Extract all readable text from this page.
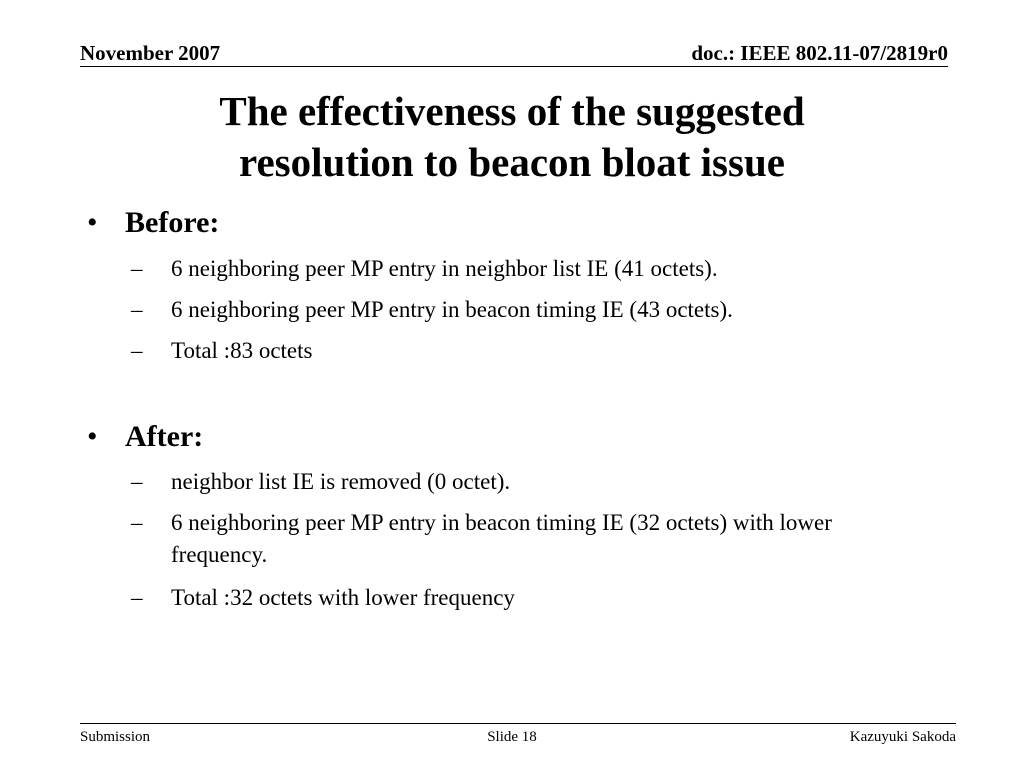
November 2007	doc.: IEEE 802.11-07/2819r0
The effectiveness of the suggested
resolution to beacon bloat issue
• Before:
– 6 neighboring peer MP entry in neighbor list IE (41 octets).
– 6 neighboring peer MP entry in beacon timing IE (43 octets).
– Total :83 octets
• After:
– neighbor list IE is removed (0 octet).
– 6 neighboring peer MP entry in beacon timing IE (32 octets) with lower frequency.
– Total :32 octets with lower frequency
Submission	Slide 18	Kazuyuki Sakoda
